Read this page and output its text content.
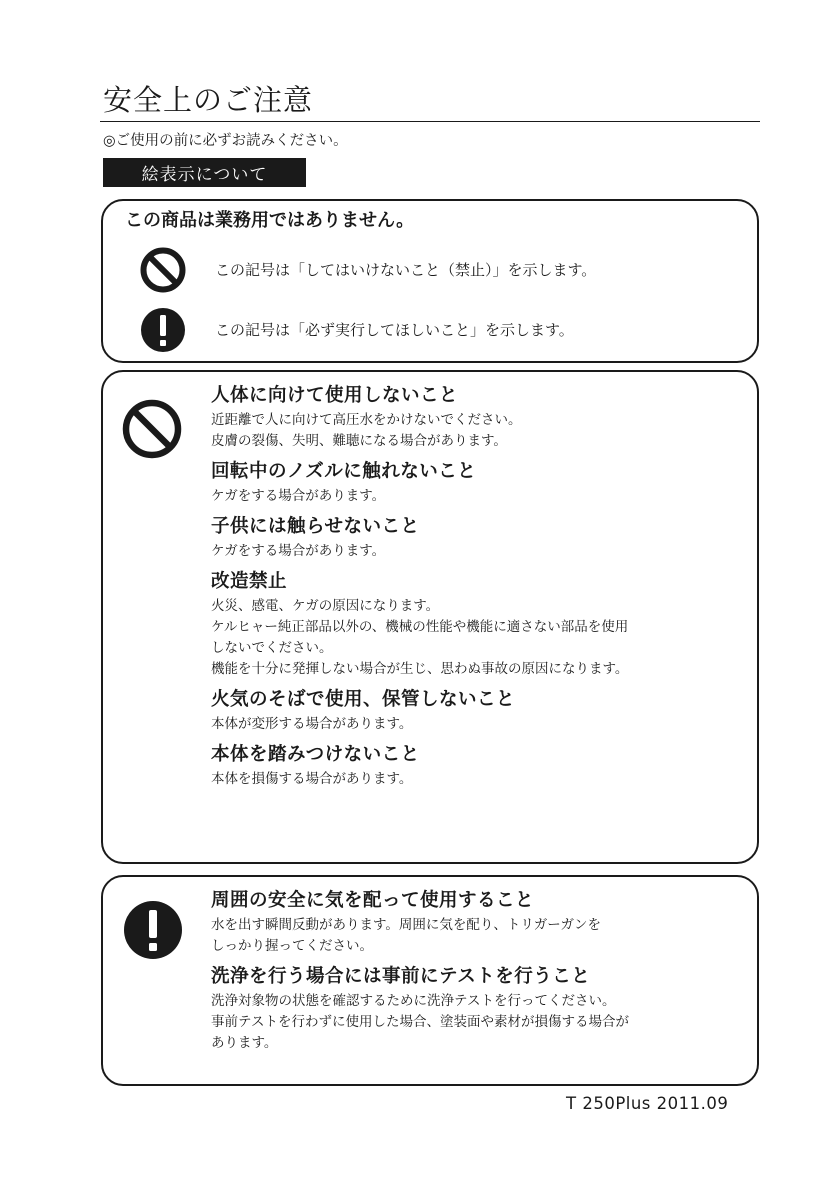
安全上のご注意
◎ご使用の前に必ずお読みください。
絵表示について
この商品は業務用ではありません。
この記号は「してはいけないこと（禁止）」を示します。
この記号は「必ず実行してほしいこと」を示します。
人体に向けて使用しないこと
近距離で人に向けて高圧水をかけないでください。
皮膚の裂傷、失明、難聴になる場合があります。
回転中のノズルに触れないこと
ケガをする場合があります。
子供には触らせないこと
ケガをする場合があります。
改造禁止
火災、感電、ケガの原因になります。
ケルヒャー純正部品以外の、機械の性能や機能に適さない部品を使用
しないでください。
機能を十分に発揮しない場合が生じ、思わぬ事故の原因になります。
火気のそばで使用、保管しないこと
本体が変形する場合があります。
本体を踏みつけないこと
本体を損傷する場合があります。
周囲の安全に気を配って使用すること
水を出す瞬間反動があります。周囲に気を配り、トリガーガンを
しっかり握ってください。
洗浄を行う場合には事前にテストを行うこと
洗浄対象物の状態を確認するために洗浄テストを行ってください。
事前テストを行わずに使用した場合、塗装面や素材が損傷する場合が
あります。
T 250Plus 2011.09
